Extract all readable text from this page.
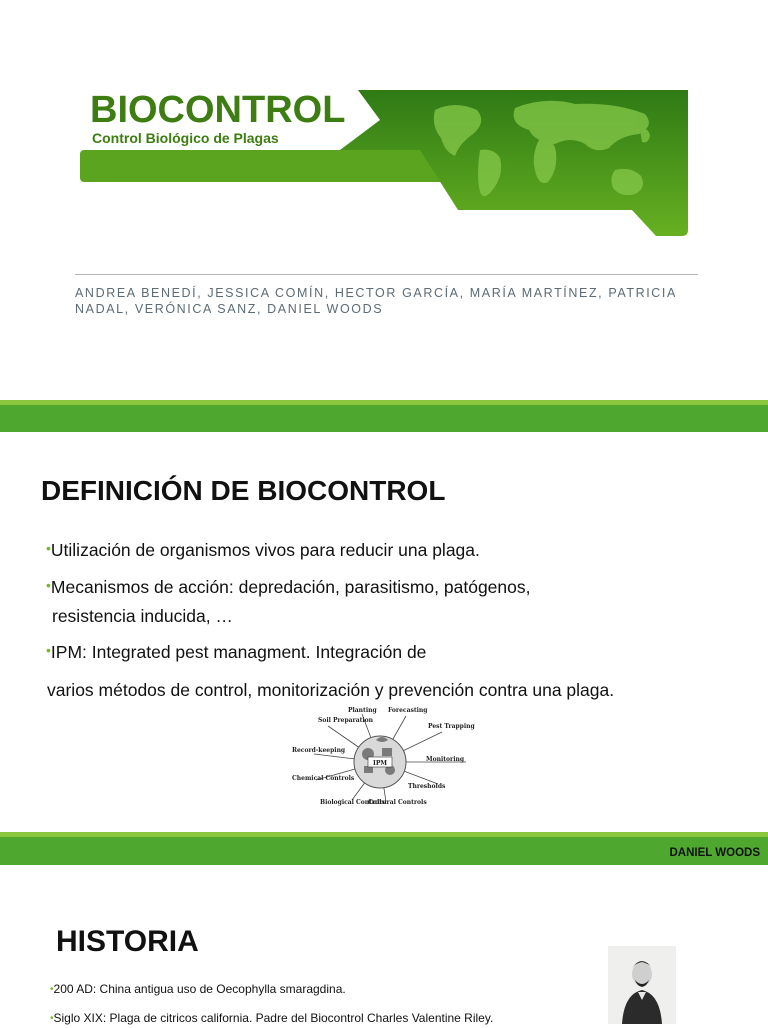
BIOCONTROL
Control Biológico de Plagas
ANDREA BENEDÍ, JESSICA COMÍN, HECTOR GARCÍA, MARÍA MARTÍNEZ, PATRICIA NADAL, VERÓNICA SANZ, DANIEL WOODS
DEFINICIÓN DE BIOCONTROL
•Utilización de organismos vivos para reducir una plaga.
•Mecanismos de acción: depredación, parasitismo, patógenos,
resistencia inducida, …
•IPM: Integrated pest managment. Integración de
varios métodos de control, monitorización y prevención contra una plaga.
IPM
Soil Preparation
Planting Forecasting
Pest Trapping
Record-keeping
Monitoring
Chemical Controls
Thresholds
Biological Controls
Cultural Controls
DANIEL WOODS
HISTORIA
•200 AD: China antigua uso de Oecophylla smaragdina.
•Siglo XIX: Plaga de citricos california. Padre del Biocontrol Charles Valentine Riley.
